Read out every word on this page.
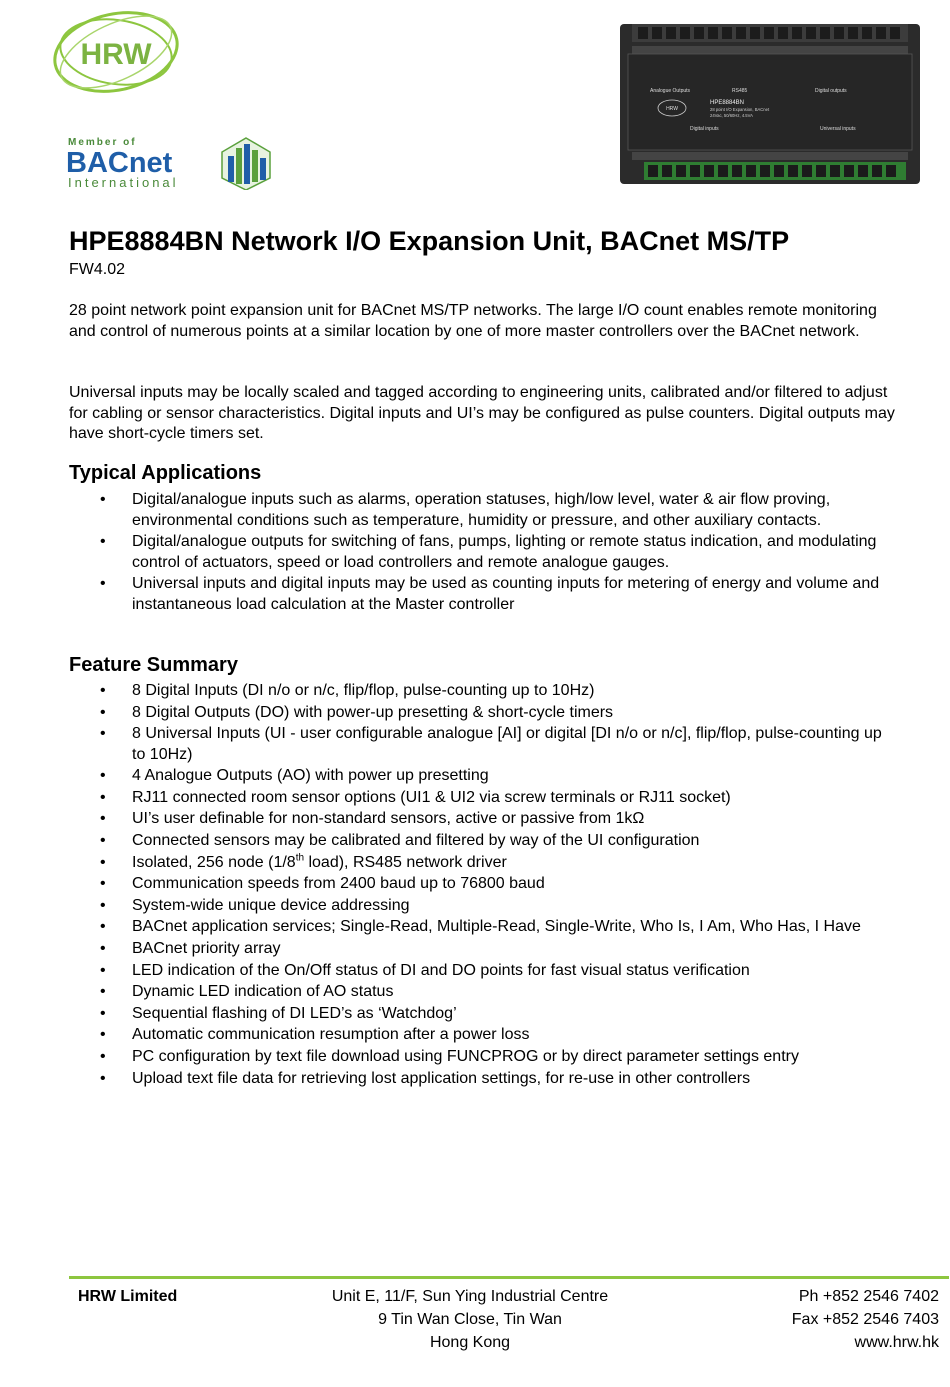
HRW
Member of
BACnet
International
Analogue Outputs	RS485	Digital outputs
Digital inputs	Universal inputs
HRW
HPE8884BN
28 point I/O Expansion, BACnet
24Vac, 50/60Hz, 4.5VA
HPE8884BN Network I/O Expansion Unit, BACnet MS/TP
FW4.02

28 point network point expansion unit for BACnet MS/TP networks. The large I/O count enables remote monitoring and control of numerous points at a similar location by one of more master controllers over the BACnet network.

Universal inputs may be locally scaled and tagged according to engineering units, calibrated and/or filtered to adjust for cabling or sensor characteristics. Digital inputs and UI’s may be configured as pulse counters. Digital outputs may have short-cycle timers set.

Typical Applications
• Digital/analogue inputs such as alarms, operation statuses, high/low level, water & air flow proving, environmental conditions such as temperature, humidity or pressure, and other auxiliary contacts.
• Digital/analogue outputs for switching of fans, pumps, lighting or remote status indication, and modulating control of actuators, speed or load controllers and remote analogue gauges.
• Universal inputs and digital inputs may be used as counting inputs for metering of energy and volume and instantaneous load calculation at the Master controller
Feature Summary
• 8 Digital Inputs (DI n/o or n/c, flip/flop, pulse-counting up to 10Hz)
• 8 Digital Outputs (DO) with power-up presetting & short-cycle timers
• 8 Universal Inputs (UI - user configurable analogue [AI] or digital [DI n/o or n/c], flip/flop, pulse-counting up to 10Hz)
• 4 Analogue Outputs (AO) with power up presetting
• RJ11 connected room sensor options (UI1 & UI2 via screw terminals or RJ11 socket)
• UI’s user definable for non-standard sensors, active or passive from 1kΩ
• Connected sensors may be calibrated and filtered by way of the UI configuration
• Isolated, 256 node (1/8th load), RS485 network driver
• Communication speeds from 2400 baud up to 76800 baud
• System-wide unique device addressing
• BACnet application services; Single-Read, Multiple-Read, Single-Write, Who Is, I Am, Who Has, I Have
• BACnet priority array
• LED indication of the On/Off status of DI and DO points for fast visual status verification
• Dynamic LED indication of AO status
• Sequential flashing of DI LED’s as ‘Watchdog’
• Automatic communication resumption after a power loss
• PC configuration by text file download using FUNCPROG or by direct parameter settings entry
• Upload text file data for retrieving lost application settings, for re-use in other controllers
HRW Limited	Unit E, 11/F, Sun Ying Industrial Centre
9 Tin Wan Close, Tin Wan
Hong Kong
Ph +852 2546 7402
Fax +852 2546 7403
www.hrw.hk
